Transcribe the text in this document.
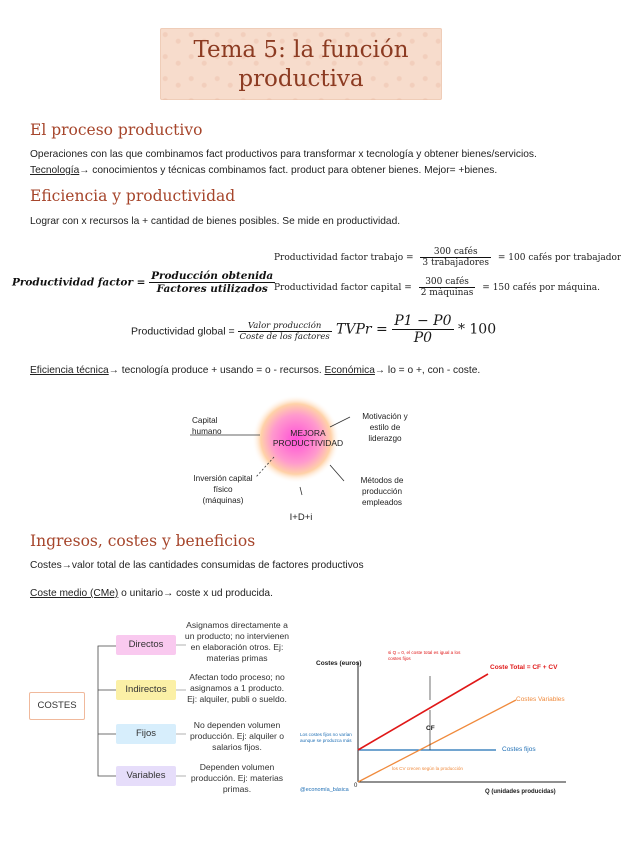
Tema 5: la función
productiva
El proceso productivo
Operaciones con las que combinamos fact productivos para transformar x tecnología y obtener bienes/servicios.
Tecnología→ conocimientos y técnicas combinamos fact. product para obtener bienes. Mejor= +bienes.
Eficiencia y productividad
Lograr con x recursos la + cantidad de bienes posibles. Se mide en productividad.
Productividad factor = $\frac{\text{Producción obtenida}}{\text{Factores utilizados}}$
Productividad factor trabajo = $\frac{\text{300 cafés}}{\text{3 trabajadores}} = 100$ cafés por trabajador
Productividad factor capital = $\frac{\text{300 cafés}}{\text{2 máquinas}} = 150$ cafés por máquina.
Productividad global = $\frac{\text{Valor producción}}{\text{Coste de los factores}}$ TVPr = $\frac{P1 - P0}{P0} * 100$
Eficiencia técnica→ tecnología produce + usando = o - recursos. Económica→ lo = o +, con - coste.
MEJORA PRODUCTIVIDAD
Capital humano
Motivación y estilo de liderazgo
Inversión capital físico (máquinas)
Métodos de producción empleados
I+D+i
Ingresos, costes y beneficios
Costes→valor total de las cantidades consumidas de factores productivos
Coste medio (CMe) o unitario→ coste x ud producida.
COSTES
Directos
Indirectos
Fijos
Variables
Asignamos directamente a un producto; no intervienen en elaboración otros. Ej: materias primas
Afectan todo proceso; no asignamos a 1 producto. Ej: alquiler, publi o sueldo.
No dependen volumen producción. Ej: alquiler o salarios fijos.
Dependen volumen producción. Ej: materias primas.
Costes (euros)
Q (unidades producidas)
0
Coste Total = CF + CV
Costes Variables
Costes fijos
CF
si Q = 0, el coste total es igual a los costes fijos
Los costes fijos no varían aunque se produzca más
los CV crecen según la producción
@economía_básica
